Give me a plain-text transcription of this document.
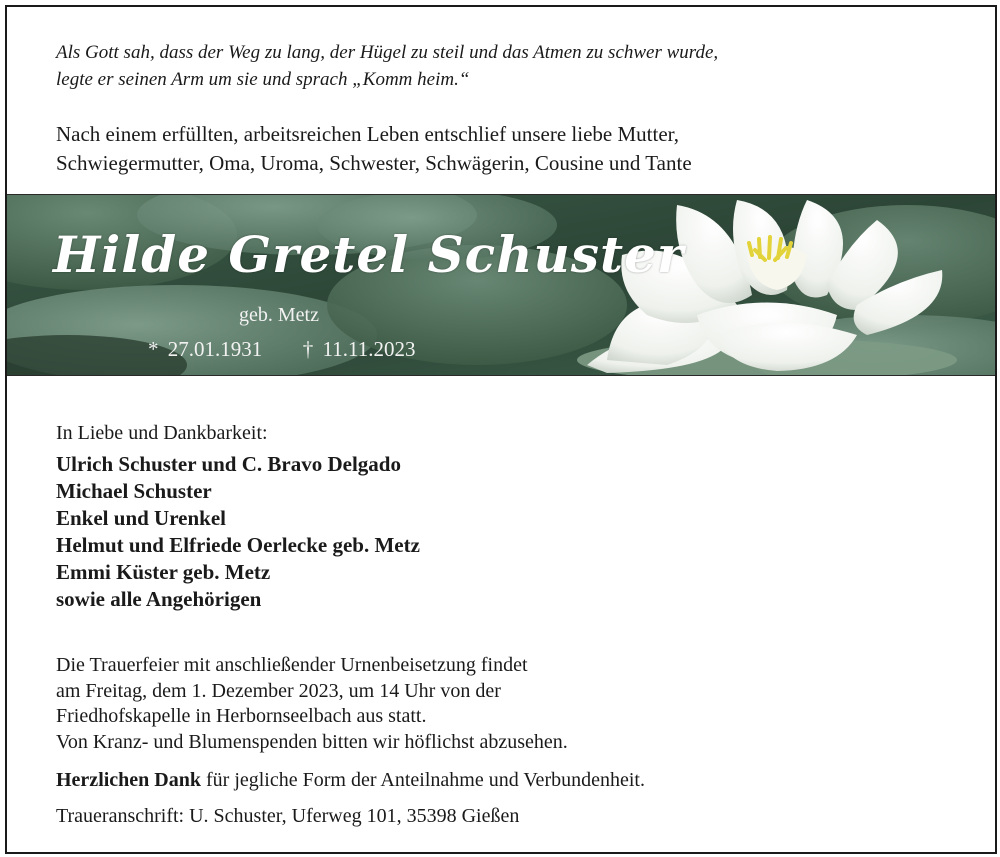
Als Gott sah, dass der Weg zu lang, der Hügel zu steil und das Atmen zu schwer wurde,
legte er seinen Arm um sie und sprach „Komm heim.“
Nach einem erfüllten, arbeitsreichen Leben entschlief unsere liebe Mutter,
Schwiegermutter, Oma, Uroma, Schwester, Schwägerin, Cousine und Tante
Hilde Gretel Schuster
geb. Metz
* 27.01.1931 † 11.11.2023
In Liebe und Dankbarkeit:
Ulrich Schuster und C. Bravo Delgado
Michael Schuster
Enkel und Urenkel
Helmut und Elfriede Oerlecke geb. Metz
Emmi Küster geb. Metz
sowie alle Angehörigen
Die Trauerfeier mit anschließender Urnenbeisetzung findet
am Freitag, dem 1. Dezember 2023, um 14 Uhr von der
Friedhofskapelle in Herbornseelbach aus statt.
Von Kranz- und Blumenspenden bitten wir höflichst abzusehen.
Herzlichen Dank für jegliche Form der Anteilnahme und Verbundenheit.
Traueranschrift: U. Schuster, Uferweg 101, 35398 Gießen
